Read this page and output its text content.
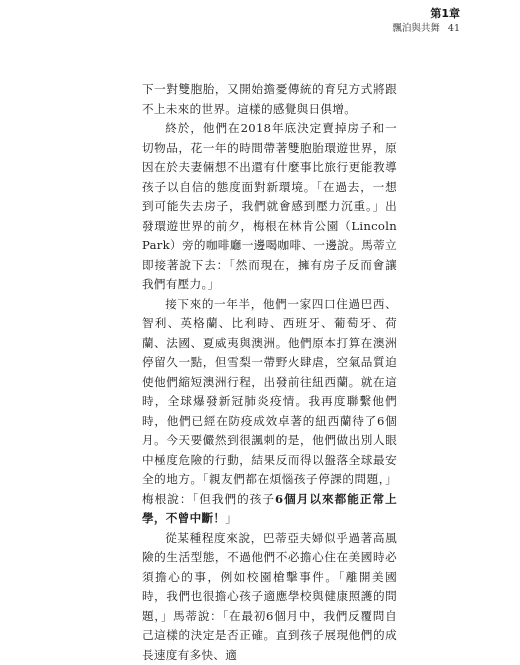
第1章
飄泊與共舞 41

下一對雙胞胎，又開始擔憂傳統的育兒方式將跟不上未來的世界。這樣的感覺與日俱增。

終於，他們在2018年底決定賣掉房子和一切物品，花一年的時間帶著雙胞胎環遊世界，原因在於夫妻倆想不出還有什麼事比旅行更能教導孩子以自信的態度面對新環境。「在過去，一想到可能失去房子，我們就會感到壓力沉重。」出發環遊世界的前夕，梅根在林肯公園（Lincoln Park）旁的咖啡廳一邊喝咖啡、一邊說。馬蒂立即接著說下去：「然而現在，擁有房子反而會讓我們有壓力。」

接下來的一年半，他們一家四口住過巴西、智利、英格蘭、比利時、西班牙、葡萄牙、荷蘭、法國、夏威夷與澳洲。他們原本打算在澳洲停留久一點，但雪梨一帶野火肆虐，空氣品質迫使他們縮短澳洲行程，出發前往紐西蘭。就在這時，全球爆發新冠肺炎疫情。我再度聯繫他們時，他們已經在防疫成效卓著的紐西蘭待了6個月。今天要儼然到很諷刺的是，他們做出別人眼中極度危險的行動，結果反而得以盤落全球最安全的地方。「親友們都在煩惱孩子停課的問題，」梅根說：「但我們的孩子6個月以來都能正常上學，不曾中斷！」

從某種程度來說，巴蒂亞夫婦似乎過著高風險的生活型態，不過他們不必擔心住在美國時必須擔心的事，例如校園槍擊事件。「離開美國時，我們也很擔心孩子適應學校與健康照護的問題，」馬蒂說：「在最初6個月中，我們反覆問自己這樣的決定是否正確。直到孩子展現他們的成長速度有多快、適
